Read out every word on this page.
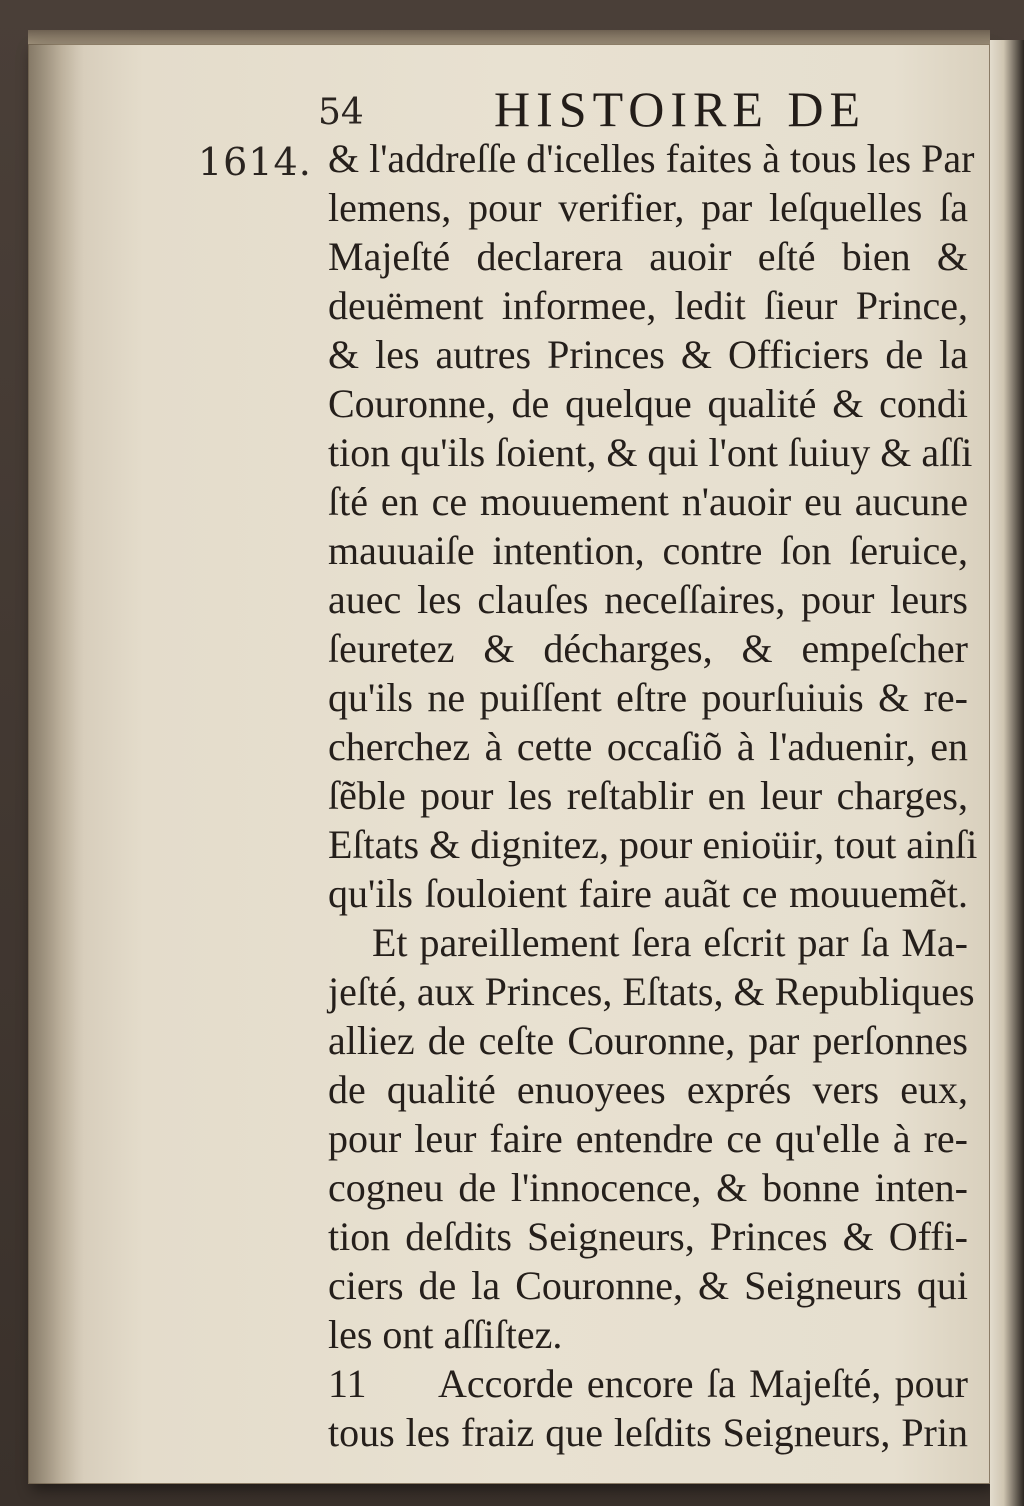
1614.
54	HISTOIRE DE
& l'addreſſe d'icelles faites à tous les Par
lemens, pour verifier, par leſquelles ſa
Majeſté declarera auoir eſté bien &
deuëment informee, ledit ſieur Prince,
& les autres Princes & Officiers de la
Couronne, de quelque qualité & condi
tion qu'ils ſoient, & qui l'ont ſuiuy & aſſi
ſté en ce mouuement n'auoir eu aucune
mauuaiſe intention, contre ſon ſeruice,
auec les clauſes neceſſaires, pour leurs
ſeuretez & décharges, & empeſcher
qu'ils ne puiſſent eſtre pourſuiuis & re-
cherchez à cette occaſiõ à l'aduenir, en
ſẽble pour les reſtablir en leur charges,
Eſtats & dignitez, pour enioüir, tout ainſi
qu'ils ſouloient faire auãt ce mouuemẽt.
Et pareillement ſera eſcrit par ſa Ma-
jeſté, aux Princes, Eſtats, & Republiques
alliez de ceſte Couronne, par perſonnes
de qualité enuoyees exprés vers eux,
pour leur faire entendre ce qu'elle à re-
cogneu de l'innocence, & bonne inten-
tion deſdits Seigneurs, Princes & Offi-
ciers de la Couronne, & Seigneurs qui
les ont aſſiſtez.
11 Accorde encore ſa Majeſté, pour
tous les fraiz que leſdits Seigneurs, Prin
